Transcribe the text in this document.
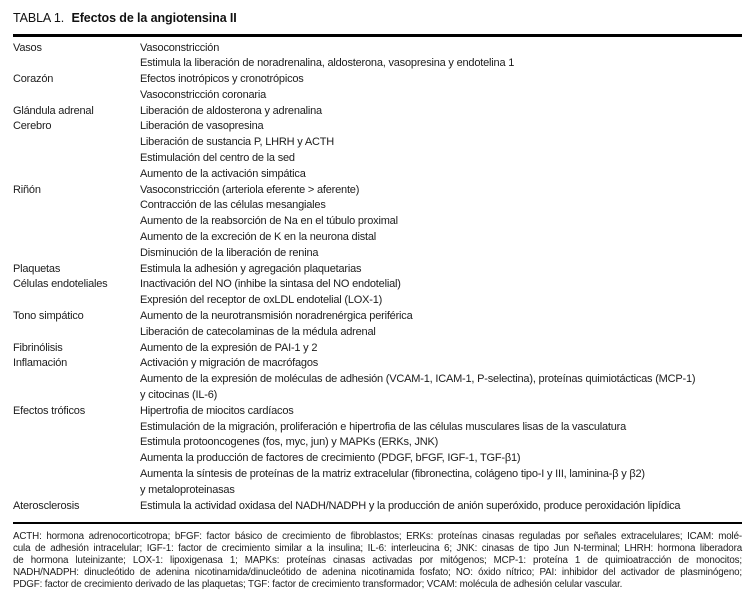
TABLA 1. Efectos de la angiotensina II
Vasos	Vasoconstricción
Estimula la liberación de noradrenalina, aldosterona, vasopresina y endotelina 1
Corazón	Efectos inotrópicos y cronotrópicos
Vasoconstricción coronaria
Glándula adrenal	Liberación de aldosterona y adrenalina
Cerebro	Liberación de vasopresina
Liberación de sustancia P, LHRH y ACTH
Estimulación del centro de la sed
Aumento de la activación simpática
Riñón	Vasoconstricción (arteriola eferente > aferente)
Contracción de las células mesangiales
Aumento de la reabsorción de Na en el túbulo proximal
Aumento de la excreción de K en la neurona distal
Disminución de la liberación de renina
Plaquetas	Estimula la adhesión y agregación plaquetarias
Células endoteliales	Inactivación del NO (inhibe la sintasa del NO endotelial)
Expresión del receptor de oxLDL endotelial (LOX-1)
Tono simpático	Aumento de la neurotransmisión noradrenérgica periférica
Liberación de catecolaminas de la médula adrenal
Fibrinólisis	Aumento de la expresión de PAI-1 y 2
Inflamación	Activación y migración de macrófagos
Aumento de la expresión de moléculas de adhesión (VCAM-1, ICAM-1, P-selectina), proteínas quimiotácticas (MCP-1)
y citocinas (IL-6)
Efectos tróficos	Hipertrofia de miocitos cardíacos
Estimulación de la migración, proliferación e hipertrofia de las células musculares lisas de la vasculatura
Estimula protooncogenes (fos, myc, jun) y MAPKs (ERKs, JNK)
Aumenta la producción de factores de crecimiento (PDGF, bFGF, IGF-1, TGF-β1)
Aumenta la síntesis de proteínas de la matriz extracelular (fibronectina, colágeno tipo-I y III, laminina-β y β2)
y metaloproteinasas
Aterosclerosis	Estimula la actividad oxidasa del NADH/NADPH y la producción de anión superóxido, produce peroxidación lipídica
ACTH: hormona adrenocorticotropa; bFGF: factor básico de crecimiento de fibroblastos; ERKs: proteínas cinasas reguladas por señales extracelulares; ICAM: molé-
cula de adhesión intracelular; IGF-1: factor de crecimiento similar a la insulina; IL-6: interleucina 6; JNK: cinasas de tipo Jun N-terminal; LHRH: hormona liberadora
de hormona luteinizante; LOX-1: lipoxigenasa 1; MAPKs: proteínas cinasas activadas por mitógenos; MCP-1: proteína 1 de quimioatracción de monocitos;
NADH/NADPH: dinucleótido de adenina nicotinamida/dinucleótido de adenina nicotinamida fosfato; NO: óxido nítrico; PAI: inhibidor del activador de plasminógeno;
PDGF: factor de crecimiento derivado de las plaquetas; TGF: factor de crecimiento transformador; VCAM: molécula de adhesión celular vascular.
